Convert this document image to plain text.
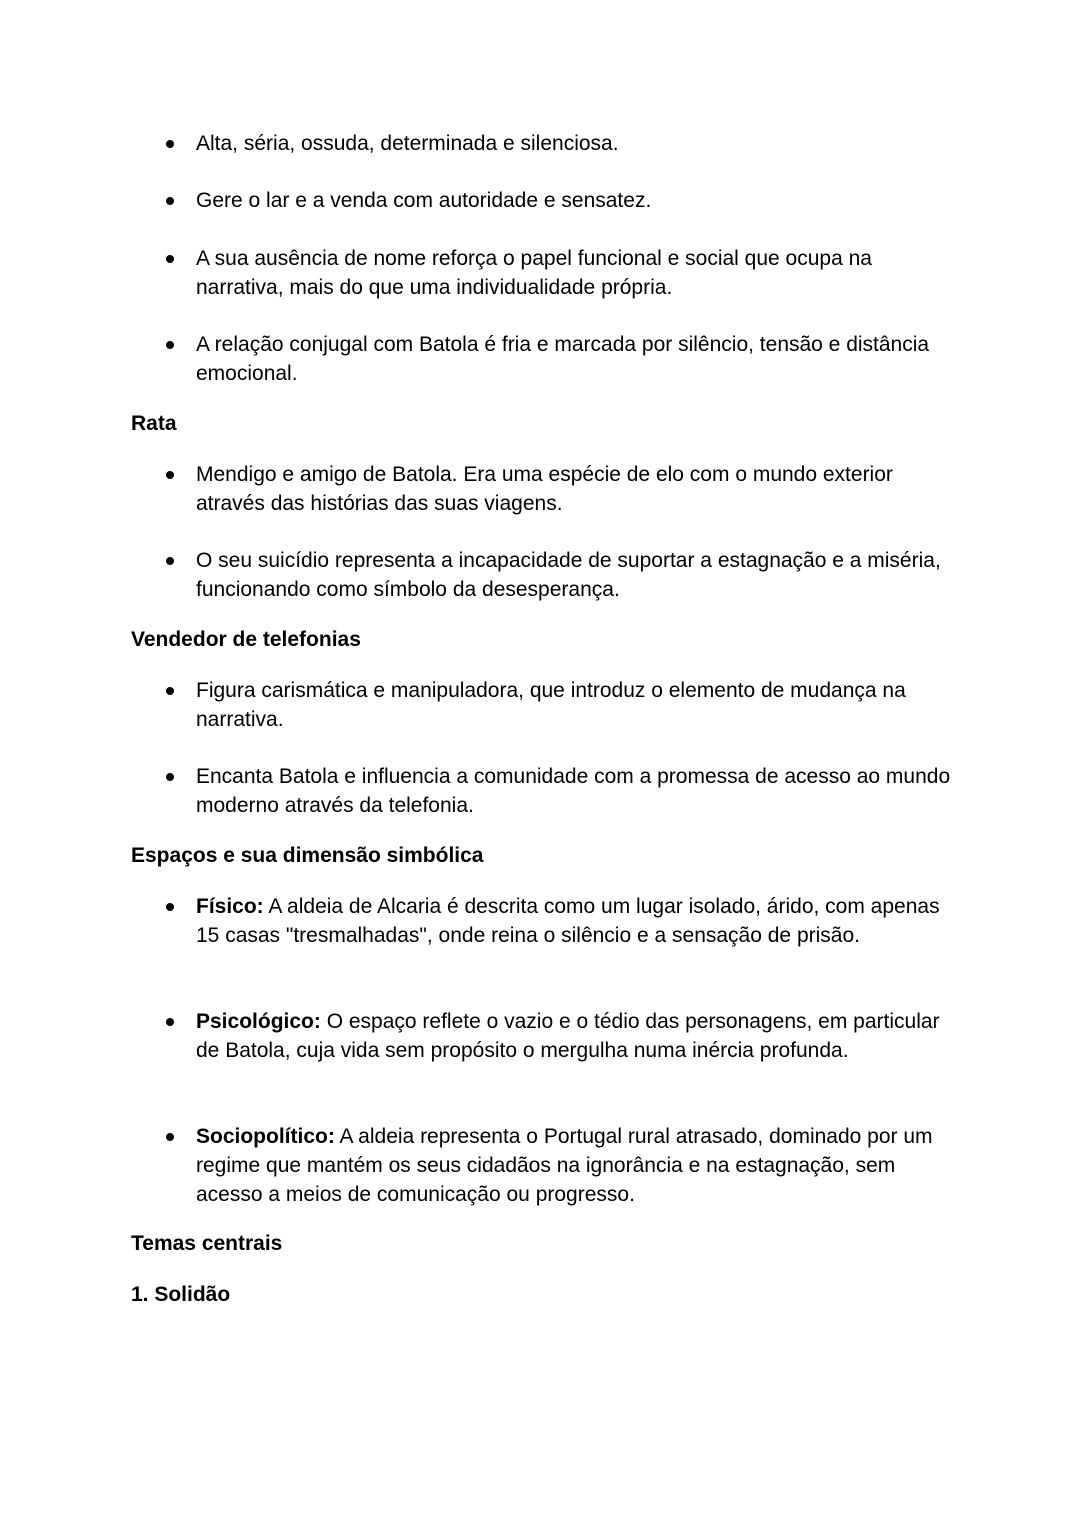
Alta, séria, ossuda, determinada e silenciosa.
Gere o lar e a venda com autoridade e sensatez.
A sua ausência de nome reforça o papel funcional e social que ocupa na narrativa, mais do que uma individualidade própria.
A relação conjugal com Batola é fria e marcada por silêncio, tensão e distância emocional.
Rata
Mendigo e amigo de Batola. Era uma espécie de elo com o mundo exterior através das histórias das suas viagens.
O seu suicídio representa a incapacidade de suportar a estagnação e a miséria, funcionando como símbolo da desesperança.
Vendedor de telefonias
Figura carismática e manipuladora, que introduz o elemento de mudança na narrativa.
Encanta Batola e influencia a comunidade com a promessa de acesso ao mundo moderno através da telefonia.
Espaços e sua dimensão simbólica
Físico: A aldeia de Alcaria é descrita como um lugar isolado, árido, com apenas 15 casas "tresmalhadas", onde reina o silêncio e a sensação de prisão.
Psicológico: O espaço reflete o vazio e o tédio das personagens, em particular de Batola, cuja vida sem propósito o mergulha numa inércia profunda.
Sociopolítico: A aldeia representa o Portugal rural atrasado, dominado por um regime que mantém os seus cidadãos na ignorância e na estagnação, sem acesso a meios de comunicação ou progresso.
Temas centrais
1. Solidão
